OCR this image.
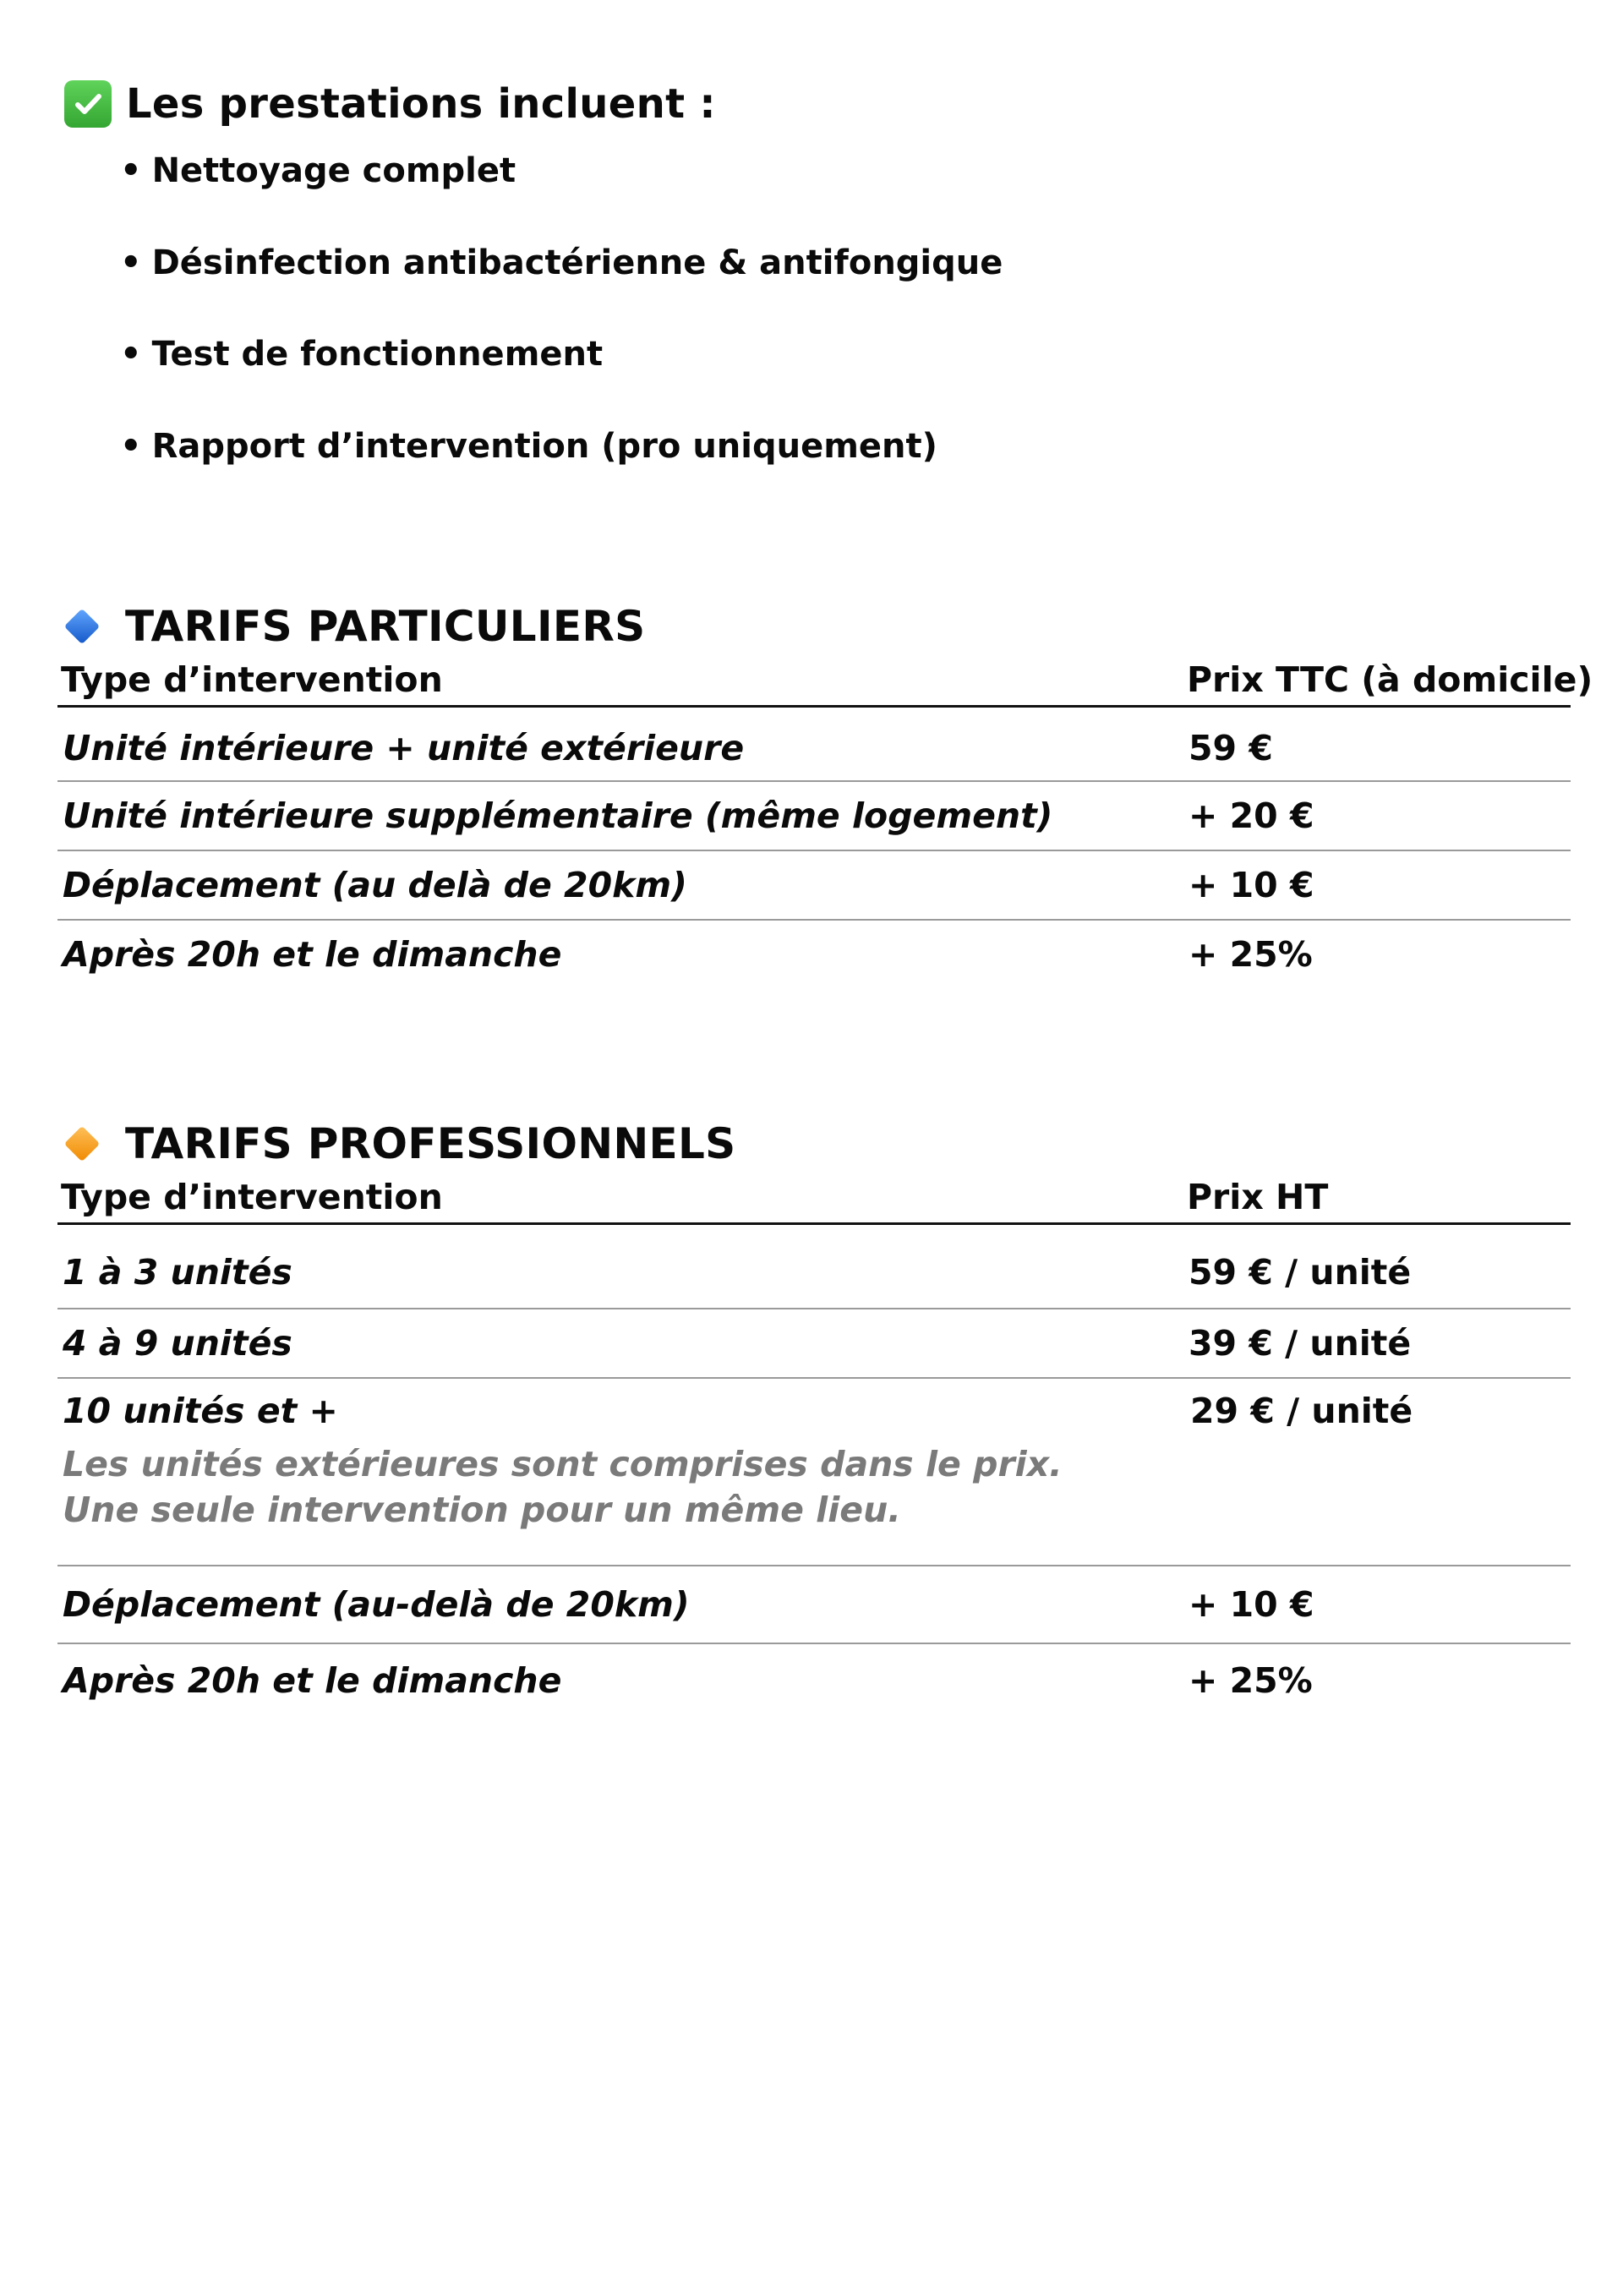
Les prestations incluent :
• Nettoyage complet
• Désinfection antibactérienne & antifongique
• Test de fonctionnement
• Rapport d’intervention (pro uniquement)
TARIFS PARTICULIERS
Type d’intervention	Prix TTC (à domicile)
Unité intérieure + unité extérieure	59 €
Unité intérieure supplémentaire (même logement)	+ 20 €
Déplacement (au delà de 20km)	+ 10 €
Après 20h et le dimanche	+ 25%
TARIFS PROFESSIONNELS
Type d’intervention	Prix HT
1 à 3 unités	59 € / unité
4 à 9 unités	39 € / unité
10 unités et +	29 € / unité
Les unités extérieures sont comprises dans le prix.
Une seule intervention pour un même lieu.
Déplacement (au-delà de 20km)	+ 10 €
Après 20h et le dimanche	+ 25%
